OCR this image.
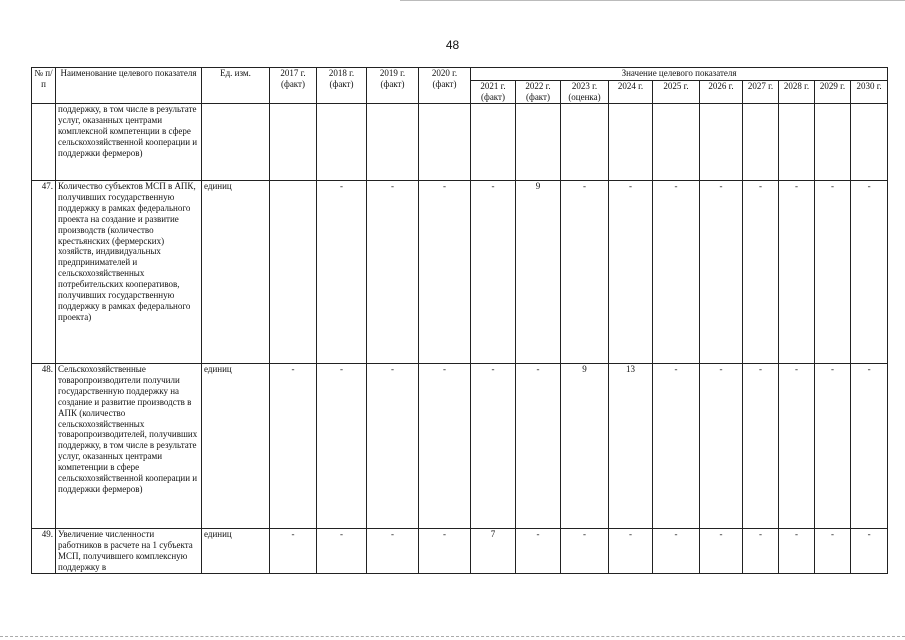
48
№ п/п	Наименование целевого показателя	Ед. изм.	2017 г. (факт)	2018 г. (факт)	2019 г. (факт)	2020 г. (факт)	Значение целевого показателя									
							2021 г. (факт)	2022 г. (факт)	2023 г. (оценка)	2024 г.	2025 г.	2026 г.	2027 г.	2028 г.	2029 г.	2030 г.
	поддержку, в том числе в результате услуг, оказанных центрами комплексной компетенции в сфере сельскохозяйственной кооперации и поддержки фермеров)															
47.	Количество субъектов МСП в АПК, получивших государственную поддержку в рамках федерального проекта на создание и развитие производств (количество крестьянских (фермерских) хозяйств, индивидуальных предпринимателей и сельскохозяйственных потребительских кооперативов, получивших государственную поддержку в рамках федерального проекта)	единиц		-	-	-	-	9	-	-	-	-	-	-	-	-
48.	Сельскохозяйственные товаропроизводители получили государственную поддержку на создание и развитие производств в АПК (количество сельскохозяйственных товаропроизводителей, получивших поддержку, в том числе в результате услуг, оказанных центрами компетенции в сфере сельскохозяйственной кооперации и поддержки фермеров)	единиц	-	-	-	-	-	-	9	13	-	-	-	-	-	-
49.	Увеличение численности работников в расчете на 1 субъекта МСП, получившего комплексную поддержку в	единиц	-	-	-	-	7	-	-	-	-	-	-	-	-	-
